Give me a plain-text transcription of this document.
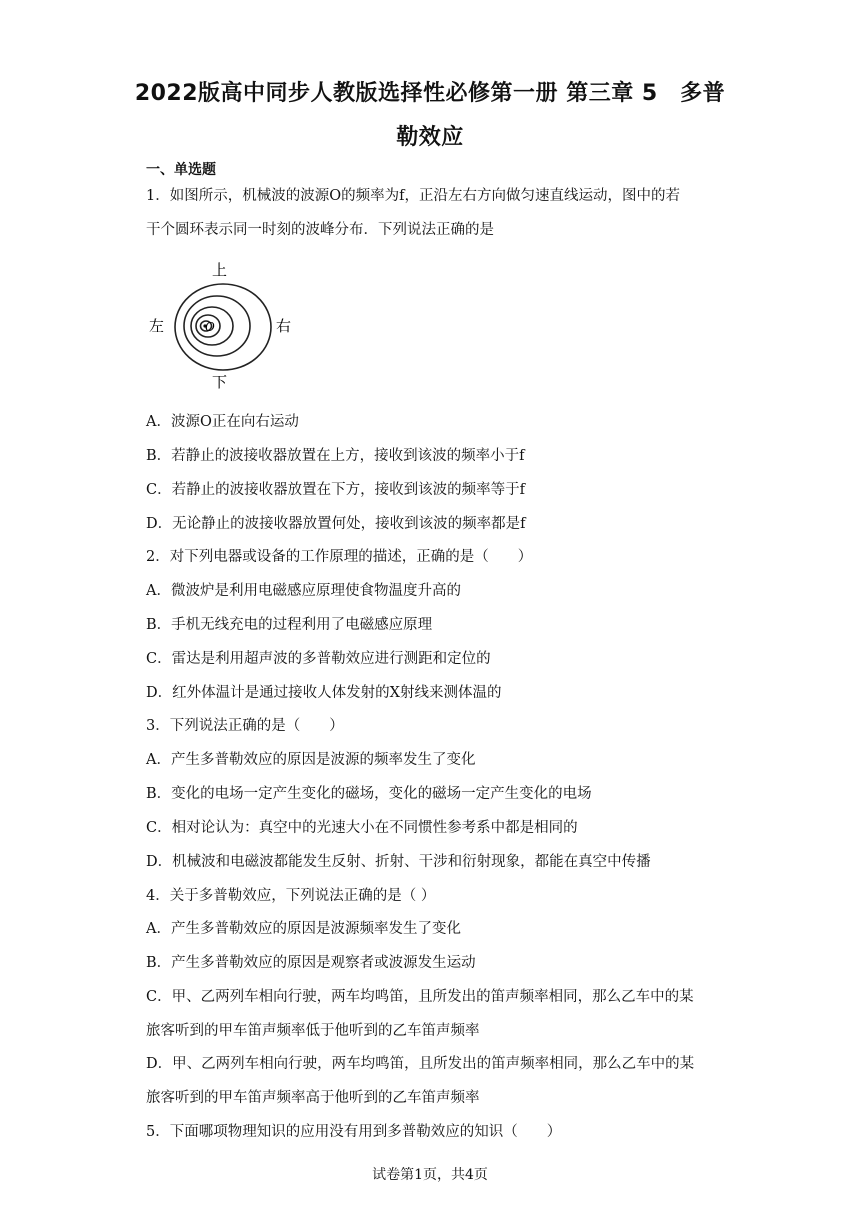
2022版高中同步人教版选择性必修第一册 第三章 5　多普
勒效应
一、单选题
1．如图所示，机械波的波源O的频率为f，正沿左右方向做匀速直线运动，图中的若
干个圆环表示同一时刻的波峰分布．下列说法正确的是
O
上
下
左	右
A．波源O正在向右运动
B．若静止的波接收器放置在上方，接收到该波的频率小于f
C．若静止的波接收器放置在下方，接收到该波的频率等于f
D．无论静止的波接收器放置何处，接收到该波的频率都是f
2．对下列电器或设备的工作原理的描述，正确的是（　　）
A．微波炉是利用电磁感应原理使食物温度升高的
B．手机无线充电的过程利用了电磁感应原理
C．雷达是利用超声波的多普勒效应进行测距和定位的
D．红外体温计是通过接收人体发射的X射线来测体温的
3．下列说法正确的是（　　）
A．产生多普勒效应的原因是波源的频率发生了变化
B．变化的电场一定产生变化的磁场，变化的磁场一定产生变化的电场
C．相对论认为：真空中的光速大小在不同惯性参考系中都是相同的
D．机械波和电磁波都能发生反射、折射、干涉和衍射现象，都能在真空中传播
4．关于多普勒效应，下列说法正确的是（ ）
A．产生多普勒效应的原因是波源频率发生了变化
B．产生多普勒效应的原因是观察者或波源发生运动
C．甲、乙两列车相向行驶，两车均鸣笛，且所发出的笛声频率相同，那么乙车中的某
旅客听到的甲车笛声频率低于他听到的乙车笛声频率
D．甲、乙两列车相向行驶，两车均鸣笛，且所发出的笛声频率相同，那么乙车中的某
旅客听到的甲车笛声频率高于他听到的乙车笛声频率
5．下面哪项物理知识的应用没有用到多普勒效应的知识（　　）
试卷第1页，共4页
